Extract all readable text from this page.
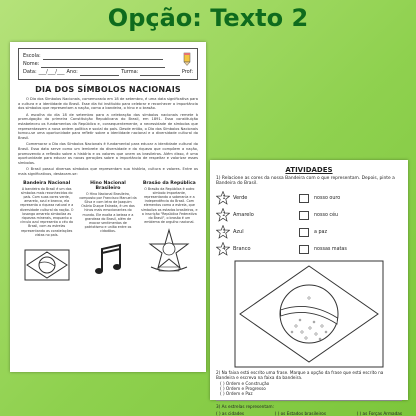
Opção: Texto 2
Escola:
Nome:
Data: ___/___/___ Ano:	Turma:	Prof:
DIA DOS SÍMBOLOS NACIONAIS

O Dia dos Símbolos Nacionais, comemorado em 18 de setembro, é uma data significativa para a cultura e a identidade do Brasil. Esse dia foi instituído para celebrar e reconhecer a importância dos símbolos que representam a nação, como a bandeira, o hino e o brasão.

A escolha do dia 18 de setembro para a celebração dos símbolos nacionais remete à promulgação da primeira Constituição Republicana do Brasil, em 1891. Essa constituição estabeleceu os fundamentos da República e, consequentemente, a necessidade de símbolos que representassem a nova ordem política e social do país. Desde então, o Dia dos Símbolos Nacionais tornou-se uma oportunidade para refletir sobre a identidade nacional e a diversidade cultural do Brasil.

Comemorar o Dia dos Símbolos Nacionais é fundamental para educar a identidade cultural do Brasil. Essa data serve como um lembrete da diversidade e da riqueza que compõem a nação, promovendo a reflexão sobre a história e os valores que unem os brasileiros. Além disso, é uma oportunidade para educar as novas gerações sobre a importância de respeitar e valorizar esses símbolos.

O Brasil possui diversos símbolos que representam sua história, cultura e valores. Entre os mais significativos, destacam-se:

Bandeira Nacional

A bandeira do Brasil é um dos símbolos mais reconhecidos do país. Com suas cores verde, amarelo, azul e branco, ela representa a riqueza natural e a diversidade cultural da nação. O losango amarelo simboliza as riquezas minerais, enquanto o círculo azul representa o céu do Brasil, com as estrelas representando as constelações vistas no país.

Hino Nacional Brasileiro

O Hino Nacional Brasileiro, composto por Francisco Manuel da Silva e com letra de Joaquim Osório Duque Estrada, é um dos hinos mais emocionantes do mundo. Ele exalta a beleza e a grandeza do Brasil, além de evocar sentimentos de patriotismo e união entre os cidadãos.

Brasão da República

O Brasão da República é outro símbolo importante, representando a soberania e a independência do Brasil. Com elementos como a estrela, que simboliza os estados brasileiros, e a inscrição "República Federativa do Brasil", o brasão é um emblema de orgulho nacional.

ATIVIDADES

1) Relacione as cores da nossa Bandeira com o que representam. Depois, pinte a Bandeira do Brasil.

1	Verde	nosso ouro
2	Amarelo	nosso céu
3	Azul	a paz
4	Branco	nossas matas

2) Na faixa está escrito uma frase. Marque a opção da frase que está escrito na Bandeira e escreva na faixa da bandeira.

( ) Ordem e Construção
( ) Ordem e Progresso
( ) Ordem e Paz

3) As estrelas representam:

( ) as cidades	( ) os Estados brasileiros	( ) as Forças Armadas
